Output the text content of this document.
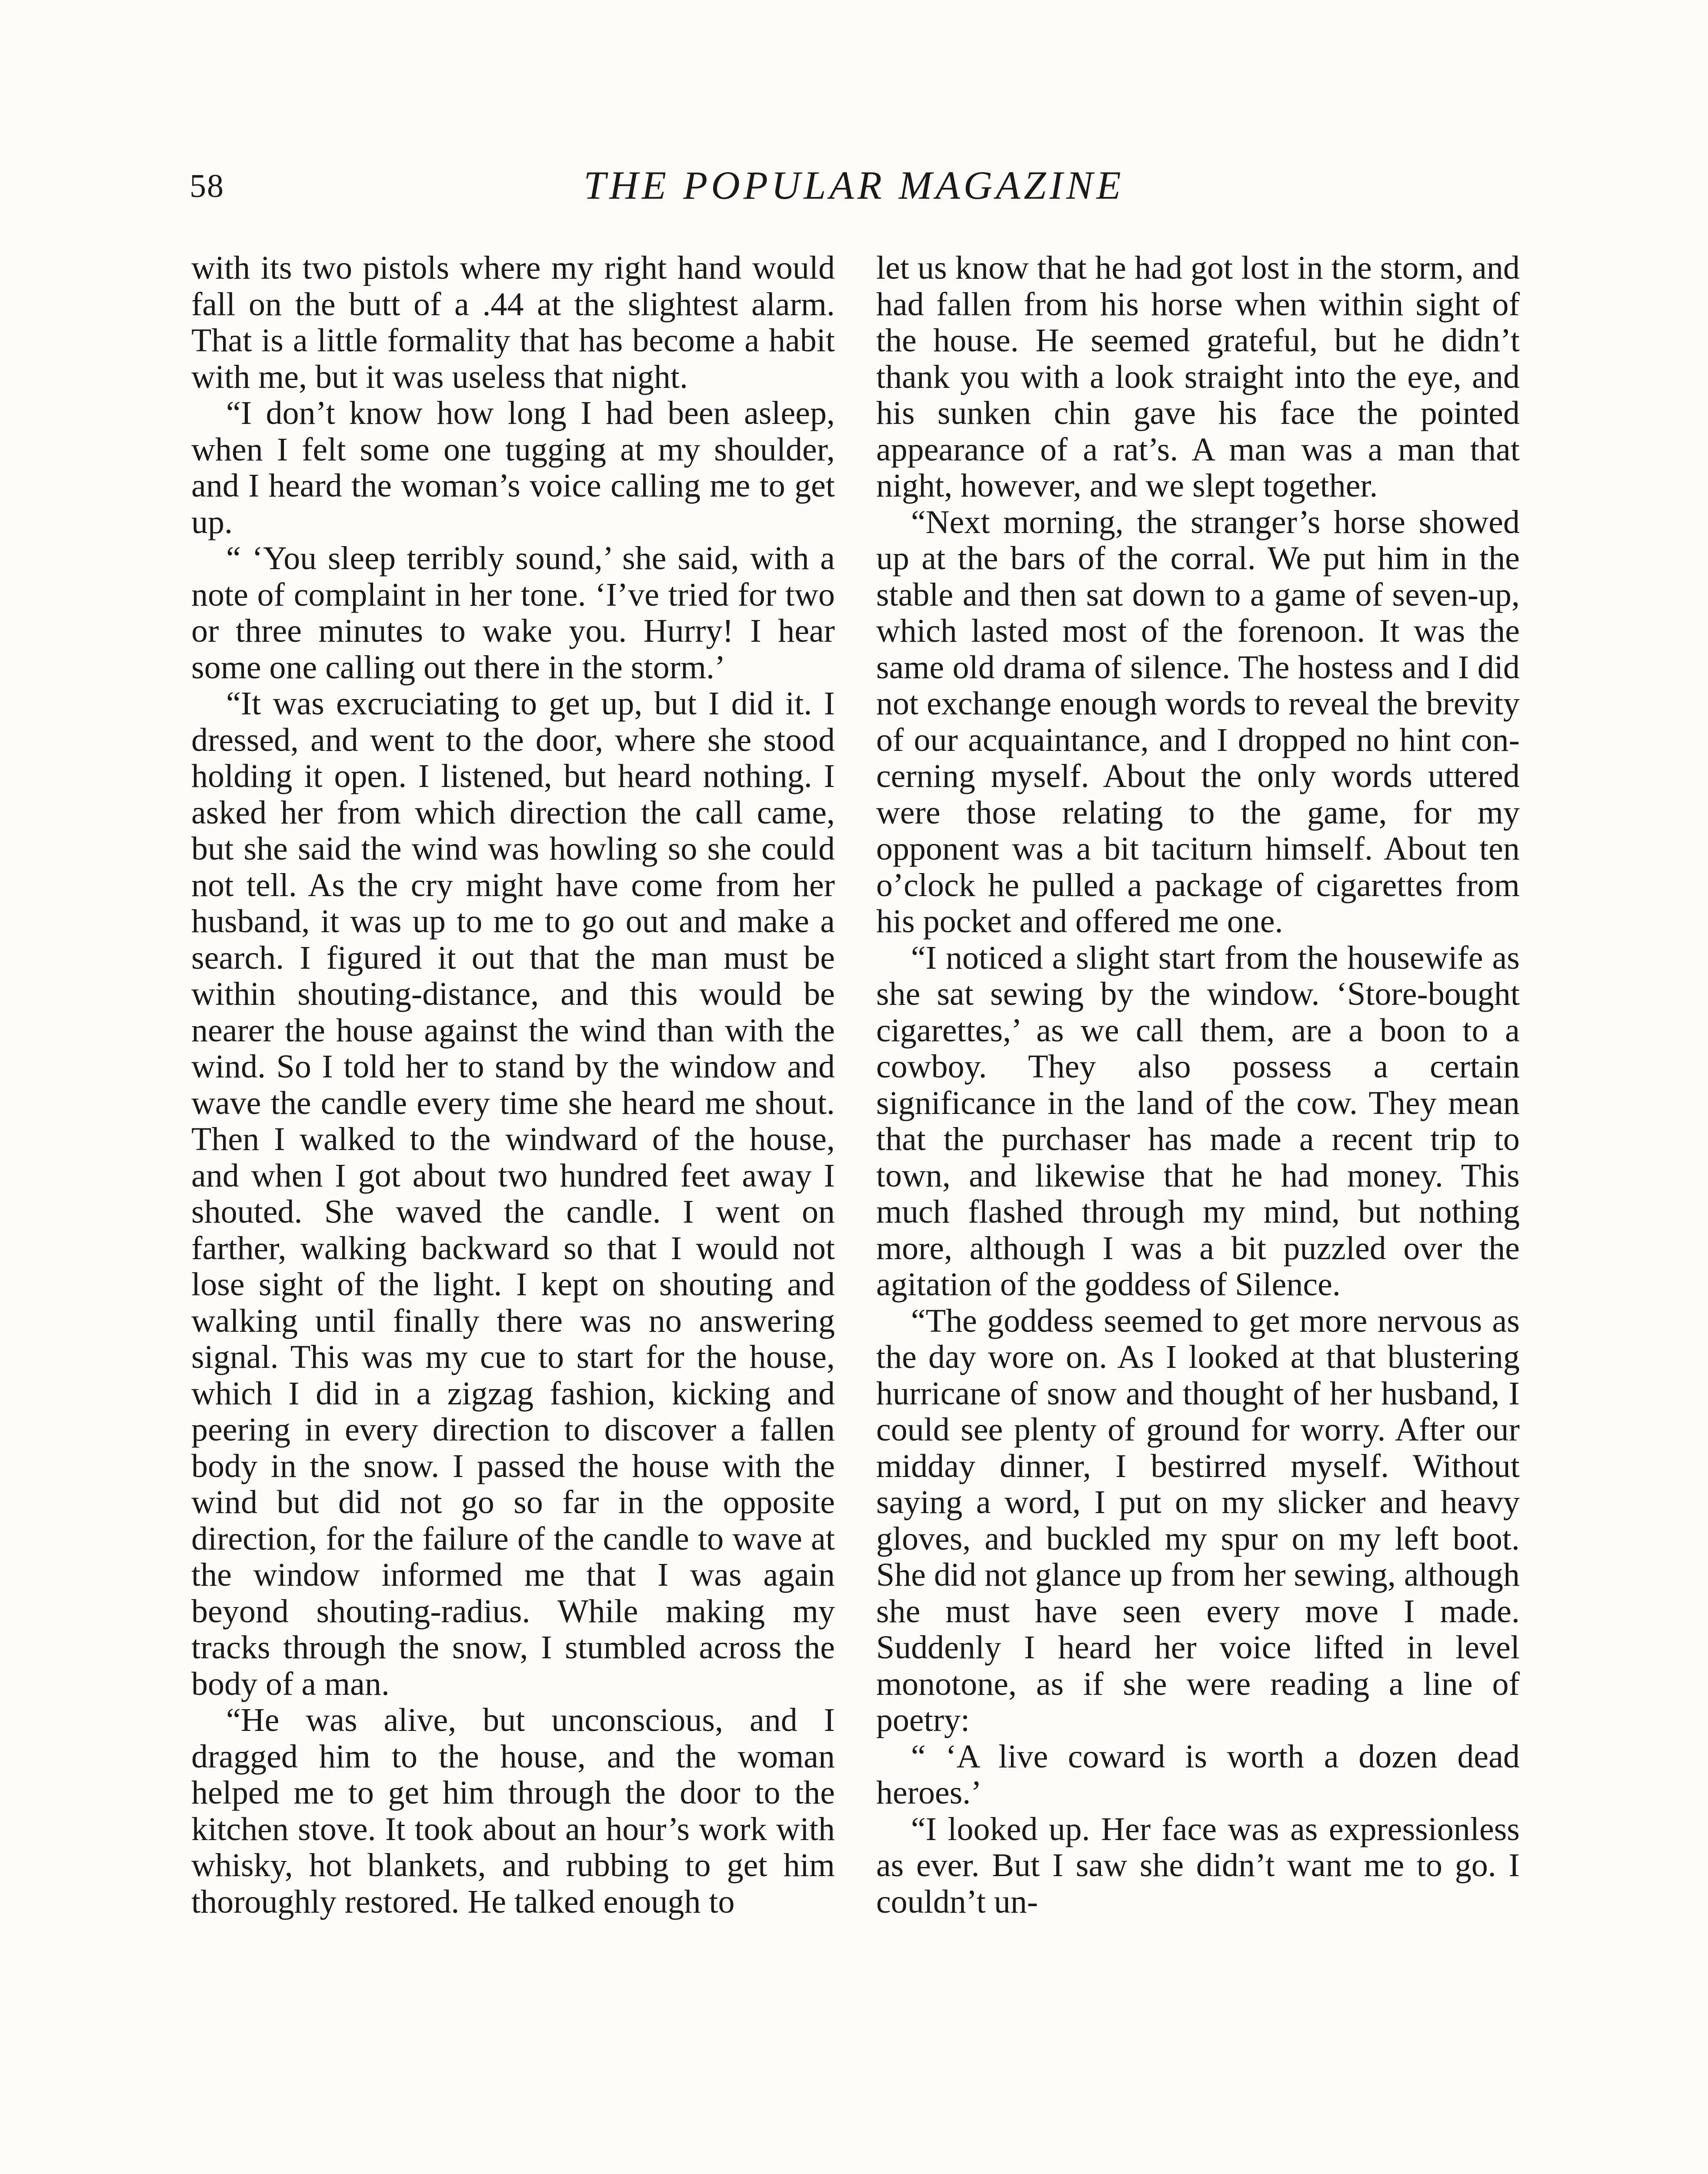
58	THE POPULAR MAGAZINE

with its two pistols where my right hand would fall on the butt of a .44 at the slightest alarm. That is a little formality that has become a habit with me, but it was useless that night.

“I don’t know how long I had been asleep, when I felt some one tugging at my shoulder, and I heard the woman’s voice calling me to get up.

“ ‘You sleep terribly sound,’ she said, with a note of complaint in her tone. ‘I’ve tried for two or three minutes to wake you. Hurry! I hear some one calling out there in the storm.’

“It was excruciating to get up, but I did it. I dressed, and went to the door, where she stood holding it open. I listened, but heard nothing. I asked her from which direction the call came, but she said the wind was howling so she could not tell. As the cry might have come from her husband, it was up to me to go out and make a search. I figured it out that the man must be within shouting-distance, and this would be nearer the house against the wind than with the wind. So I told her to stand by the window and wave the candle every time she heard me shout. Then I walked to the windward of the house, and when I got about two hundred feet away I shouted. She waved the candle. I went on farther, walking backward so that I would not lose sight of the light. I kept on shouting and walking until finally there was no answering signal. This was my cue to start for the house, which I did in a zigzag fashion, kicking and peering in every direction to discover a fallen body in the snow. I passed the house with the wind but did not go so far in the opposite direction, for the failure of the candle to wave at the window informed me that I was again beyond shouting-radius. While making my tracks through the snow, I stumbled across the body of a man.

“He was alive, but unconscious, and I dragged him to the house, and the woman helped me to get him through the door to the kitchen stove. It took about an hour’s work with whisky, hot blankets, and rubbing to get him thoroughly restored. He talked enough to

let us know that he had got lost in the storm, and had fallen from his horse when within sight of the house. He seemed grateful, but he didn’t thank you with a look straight into the eye, and his sunken chin gave his face the pointed appearance of a rat’s. A man was a man that night, however, and we slept together.

“Next morning, the stranger’s horse showed up at the bars of the corral. We put him in the stable and then sat down to a game of seven-up, which lasted most of the forenoon. It was the same old drama of silence. The hostess and I did not exchange enough words to reveal the brevity of our acquaintance, and I dropped no hint concerning myself. About the only words uttered were those relating to the game, for my opponent was a bit taciturn himself. About ten o’clock he pulled a package of cigarettes from his pocket and offered me one.

“I noticed a slight start from the housewife as she sat sewing by the window. ‘Store-bought cigarettes,’ as we call them, are a boon to a cowboy. They also possess a certain significance in the land of the cow. They mean that the purchaser has made a recent trip to town, and likewise that he had money. This much flashed through my mind, but nothing more, although I was a bit puzzled over the agitation of the goddess of Silence.

“The goddess seemed to get more nervous as the day wore on. As I looked at that blustering hurricane of snow and thought of her husband, I could see plenty of ground for worry. After our midday dinner, I bestirred myself. Without saying a word, I put on my slicker and heavy gloves, and buckled my spur on my left boot. She did not glance up from her sewing, although she must have seen every move I made. Suddenly I heard her voice lifted in level monotone, as if she were reading a line of poetry:

“ ‘A live coward is worth a dozen dead heroes.’

“I looked up. Her face was as expressionless as ever. But I saw she didn’t want me to go. I couldn’t un-
